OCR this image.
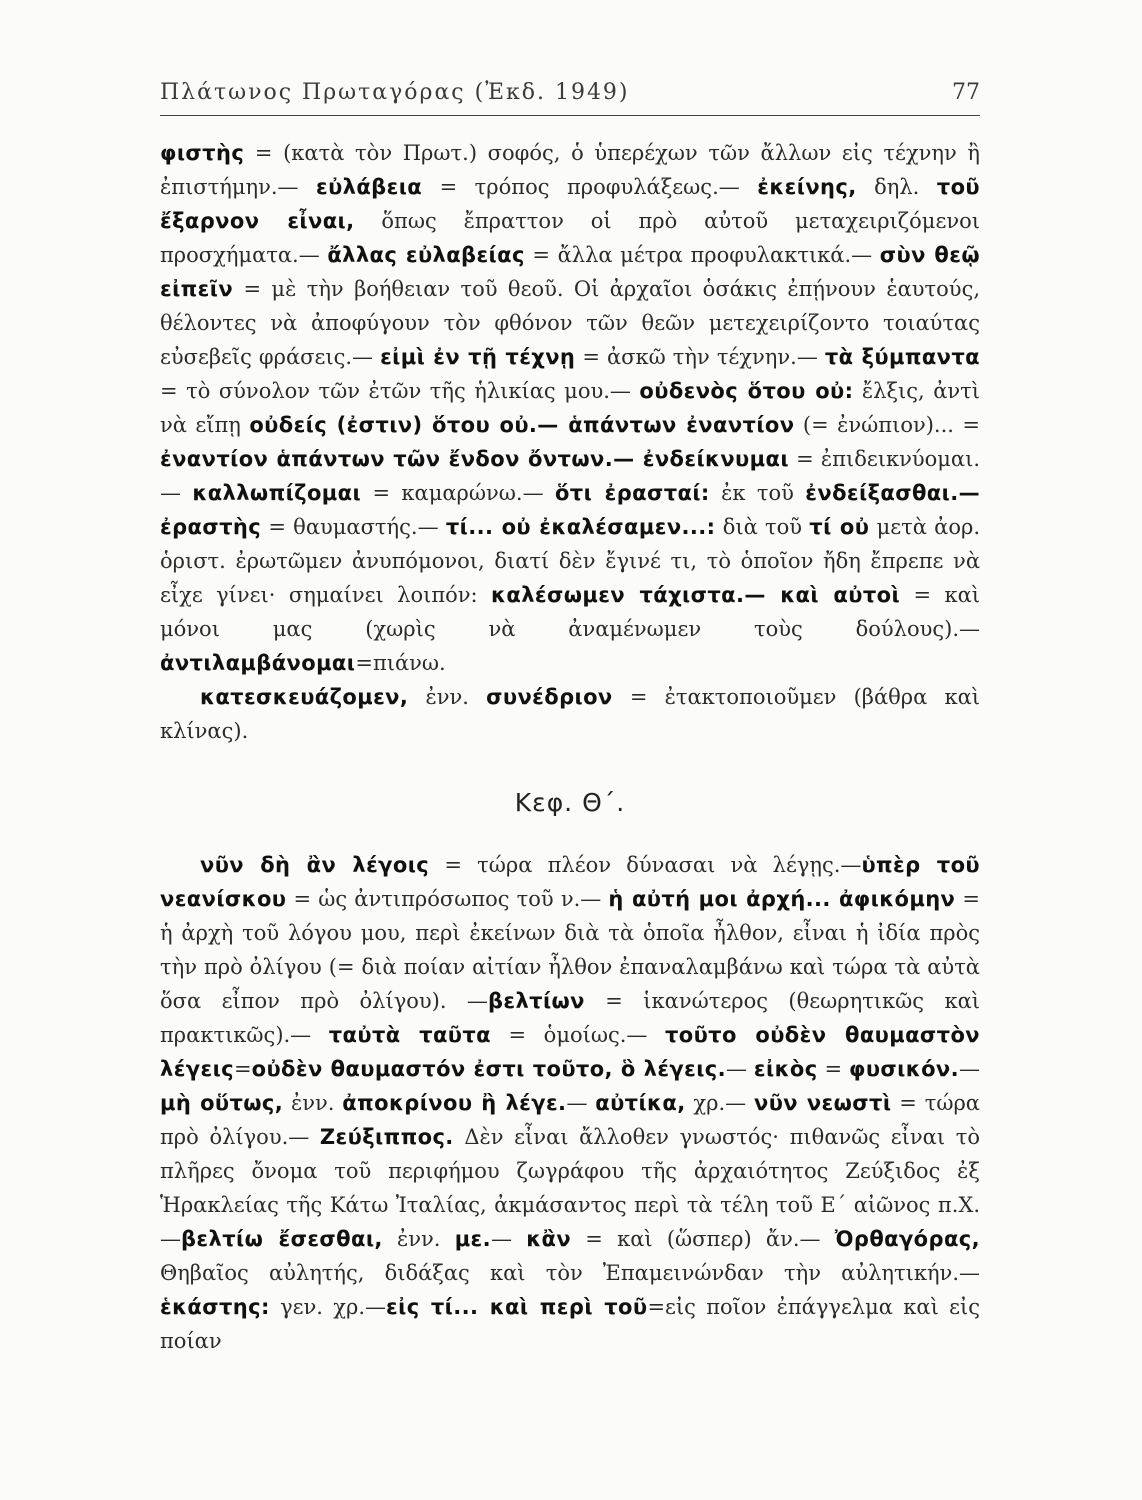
Πλάτωνος Πρωταγόρας (Ἐκδ. 1949)	77

φιστὴς = (κατὰ τὸν Πρωτ.) σοφός, ὁ ὑπερέχων τῶν ἄλλων εἰς τέχνην ἢ ἐπιστήμην.— εὐλάβεια = τρόπος προφυλάξεως.— ἐκείνης, δηλ. τοῦ ἔξαρνον εἶναι, ὅπως ἔπραττον οἱ πρὸ αὐτοῦ μεταχειριζόμενοι προσχήματα.— ἄλλας εὐλαβείας = ἄλλα μέτρα προφυλακτικά.— σὺν θεῷ εἰπεῖν = μὲ τὴν βοήθειαν τοῦ θεοῦ. Οἱ ἀρχαῖοι ὁσάκις ἐπῄνουν ἑαυτούς, θέλοντες νὰ ἀποφύγουν τὸν φθόνον τῶν θεῶν μετεχειρίζοντο τοιαύτας εὐσεβεῖς φράσεις.— εἰμὶ ἐν τῇ τέχνῃ = ἀσκῶ τὴν τέχνην.— τὰ ξύμπαντα = τὸ σύνολον τῶν ἐτῶν τῆς ἡλικίας μου.— οὐδενὸς ὅτου οὐ: ἔλξις, ἀντὶ νὰ εἴπῃ οὐδείς (ἐστιν) ὅτου οὐ.— ἁπάντων ἐναντίον (= ἐνώπιον)... = ἐναντίον ἁπάντων τῶν ἔνδον ὄντων.— ἐνδείκνυμαι = ἐπιδεικνύομαι. — καλλωπίζομαι = καμαρώνω.— ὅτι ἐρασταί: ἐκ τοῦ ἐνδείξασθαι.—ἐραστὴς = θαυμαστής.— τί... οὐ ἐκαλέσαμεν...: διὰ τοῦ τί οὐ μετὰ ἀορ. ὁριστ. ἐρωτῶμεν ἀνυπόμονοι, διατί δὲν ἔγινέ τι, τὸ ὁποῖον ἤδη ἔπρεπε νὰ εἶχε γίνει· σημαίνει λοιπόν: καλέσωμεν τάχιστα.— καὶ αὐτοὶ = καὶ μόνοι μας (χωρὶς νὰ ἀναμένωμεν τοὺς δούλους).—ἀντιλαμβάνομαι=πιάνω.

κατεσκευάζομεν, ἐνν. συνέδριον = ἐτακτοποιοῦμεν (βάθρα καὶ κλίνας).

Κεφ. Θ΄.

νῦν δὴ ἂν λέγοις = τώρα πλέον δύνασαι νὰ λέγῃς.—ὑπὲρ τοῦ νεανίσκου = ὡς ἀντιπρόσωπος τοῦ ν.— ἡ αὐτή μοι ἀρχή... ἀφικόμην = ἡ ἀρχὴ τοῦ λόγου μου, περὶ ἐκείνων διὰ τὰ ὁποῖα ἦλθον, εἶναι ἡ ἰδία πρὸς τὴν πρὸ ὀλίγου (= διὰ ποίαν αἰτίαν ἦλθον ἐπαναλαμβάνω καὶ τώρα τὰ αὐτὰ ὅσα εἶπον πρὸ ὀλίγου). —βελτίων = ἱκανώτερος (θεωρητικῶς καὶ πρακτικῶς).— ταὐτὰ ταῦτα = ὁμοίως.— τοῦτο οὐδὲν θαυμαστὸν λέγεις=οὐδὲν θαυμαστόν ἐστι τοῦτο, ὃ λέγεις.— εἰκὸς = φυσικόν.— μὴ οὕτως, ἐνν. ἀποκρίνου ἢ λέγε.— αὐτίκα, χρ.— νῦν νεωστὶ = τώρα πρὸ ὀλίγου.— Ζεύξιππος. Δὲν εἶναι ἄλλοθεν γνωστός· πιθανῶς εἶναι τὸ πλῆρες ὄνομα τοῦ περιφήμου ζωγράφου τῆς ἀρχαιότητος Ζεύξιδος ἐξ Ἡρακλείας τῆς Κάτω Ἰταλίας, ἀκμάσαντος περὶ τὰ τέλη τοῦ Ε΄ αἰῶνος π.Χ.—βελτίω ἔσεσθαι, ἐνν. με.— κἂν = καὶ (ὥσπερ) ἄν.— Ὀρθαγόρας, Θηβαῖος αὐλητής, διδάξας καὶ τὸν Ἐπαμεινώνδαν τὴν αὐλητικήν.— ἑκάστης: γεν. χρ.—εἰς τί... καὶ περὶ τοῦ=εἰς ποῖον ἐπάγγελμα καὶ εἰς ποίαν
